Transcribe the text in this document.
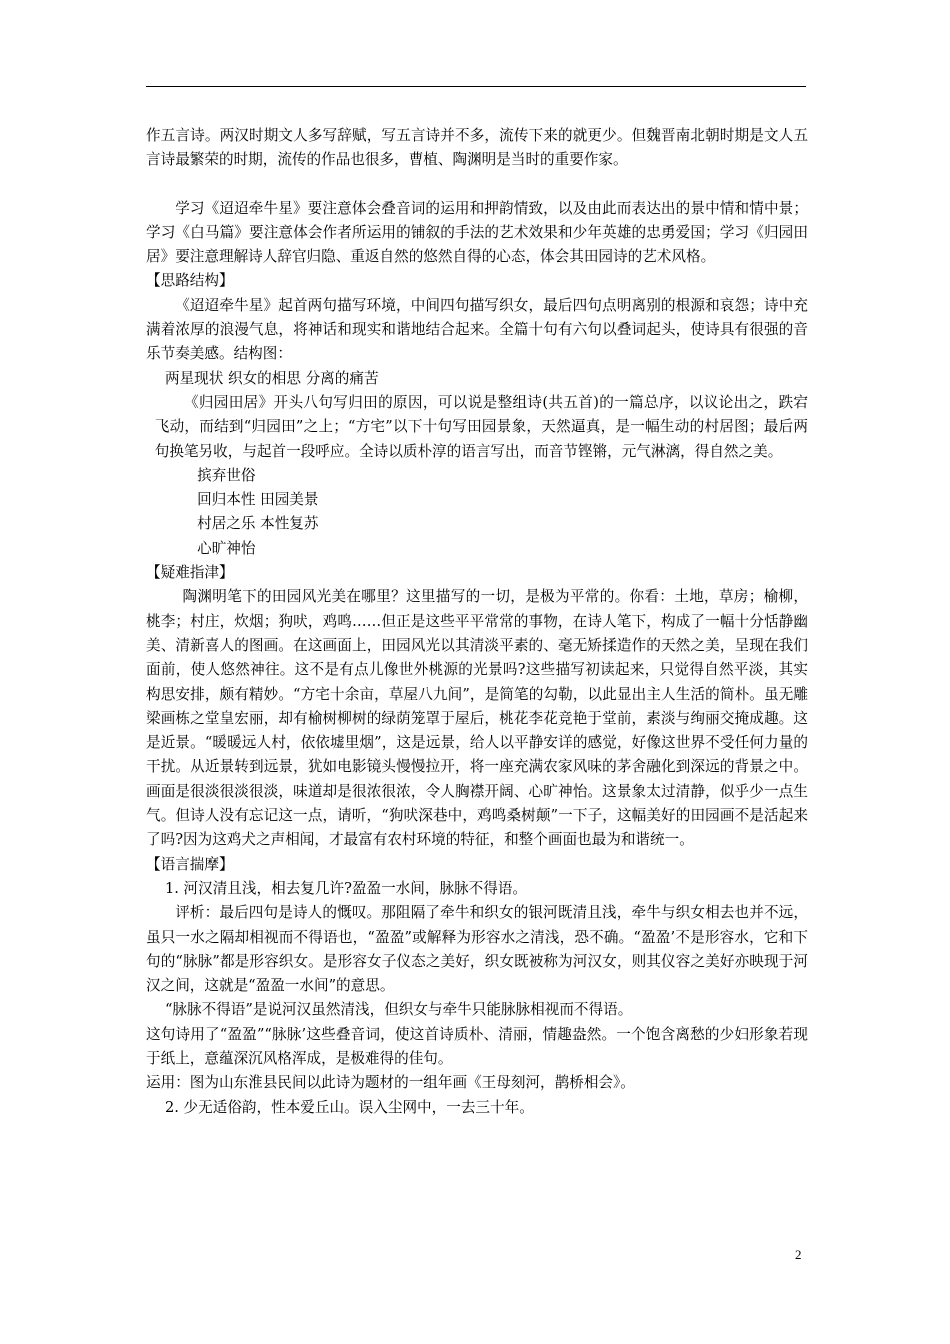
作五言诗。两汉时期文人多写辞赋，写五言诗并不多，流传下来的就更少。但魏晋南北朝时期是文人五言诗最繁荣的时期，流传的作品也很多，曹植、陶渊明是当时的重要作家。

学习《迢迢牵牛星》要注意体会叠音词的运用和押韵情致，以及由此而表达出的景中情和情中景；学习《白马篇》要注意体会作者所运用的铺叙的手法的艺术效果和少年英雄的忠勇爱国；学习《归园田居》要注意理解诗人辞官归隐、重返自然的悠然自得的心态，体会其田园诗的艺术风格。

【思路结构】

《迢迢牵牛星》起首两句描写环境，中间四句描写织女，最后四句点明离别的根源和哀怨；诗中充满着浓厚的浪漫气息，将神话和现实和谐地结合起来。全篇十句有六句以叠词起头，使诗具有很强的音乐节奏美感。结构图：

两星现状 织女的相思 分离的痛苦

《归园田居》开头八句写归田的原因，可以说是整组诗(共五首)的一篇总序，以议论出之，跌宕飞动，而结到“归园田”之上；“方宅”以下十句写田园景象，天然逼真，是一幅生动的村居图；最后两句换笔另收，与起首一段呼应。全诗以质朴淳的语言写出，而音节铿锵，元气淋漓，得自然之美。

摈弃世俗

回归本性 田园美景

村居之乐 本性复苏

心旷神怡

【疑难指津】

陶渊明笔下的田园风光美在哪里？这里描写的一切，是极为平常的。你看：土地，草房；榆柳，桃李；村庄，炊烟；狗吠，鸡鸣……但正是这些平平常常的事物，在诗人笔下，构成了一幅十分恬静幽美、清新喜人的图画。在这画面上，田园风光以其清淡平素的、毫无矫揉造作的天然之美，呈现在我们面前，使人悠然神往。这不是有点儿像世外桃源的光景吗?这些描写初读起来，只觉得自然平淡，其实构思安排，颇有精妙。“方宅十余亩，草屋八九间”，是简笔的勾勒，以此显出主人生活的简朴。虽无雕梁画栋之堂皇宏丽，却有榆树柳树的绿荫笼罩于屋后，桃花李花竞艳于堂前，素淡与绚丽交掩成趣。这是近景。“暖暖远人村，依依墟里烟”，这是远景，给人以平静安详的感觉，好像这世界不受任何力量的干扰。从近景转到远景，犹如电影镜头慢慢拉开，将一座充满农家风味的茅舍融化到深远的背景之中。画面是很淡很淡很淡，味道却是很浓很浓，令人胸襟开阔、心旷神怡。这景象太过清静，似乎少一点生气。但诗人没有忘记这一点，请听，“狗吠深巷中，鸡鸣桑树颠”一下子，这幅美好的田园画不是活起来了吗?因为这鸡犬之声相闻，才最富有农村环境的特征，和整个画面也最为和谐统一。

【语言揣摩】

1. 河汉清且浅，相去复几许?盈盈一水间，脉脉不得语。

评析：最后四句是诗人的慨叹。那阻隔了牵牛和织女的银河既清且浅，牵牛与织女相去也并不远，虽只一水之隔却相视而不得语也，“盈盈”或解释为形容水之清浅，恐不确。“盈盈’不是形容水，它和下句的“脉脉”都是形容织女。是形容女子仪态之美好，织女既被称为河汉女，则其仪容之美好亦映现于河汉之间，这就是“盈盈一水间”的意思。

“脉脉不得语”是说河汉虽然清浅，但织女与牵牛只能脉脉相视而不得语。

这句诗用了“盈盈”“脉脉’这些叠音词，使这首诗质朴、清丽，情趣盎然。一个饱含离愁的少妇形象若现于纸上，意蕴深沉风格浑成，是极难得的佳句。

运用：图为山东淮县民间以此诗为题材的一组年画《王母刻河，鹊桥相会》。

2. 少无适俗韵，性本爱丘山。误入尘网中，一去三十年。

2
